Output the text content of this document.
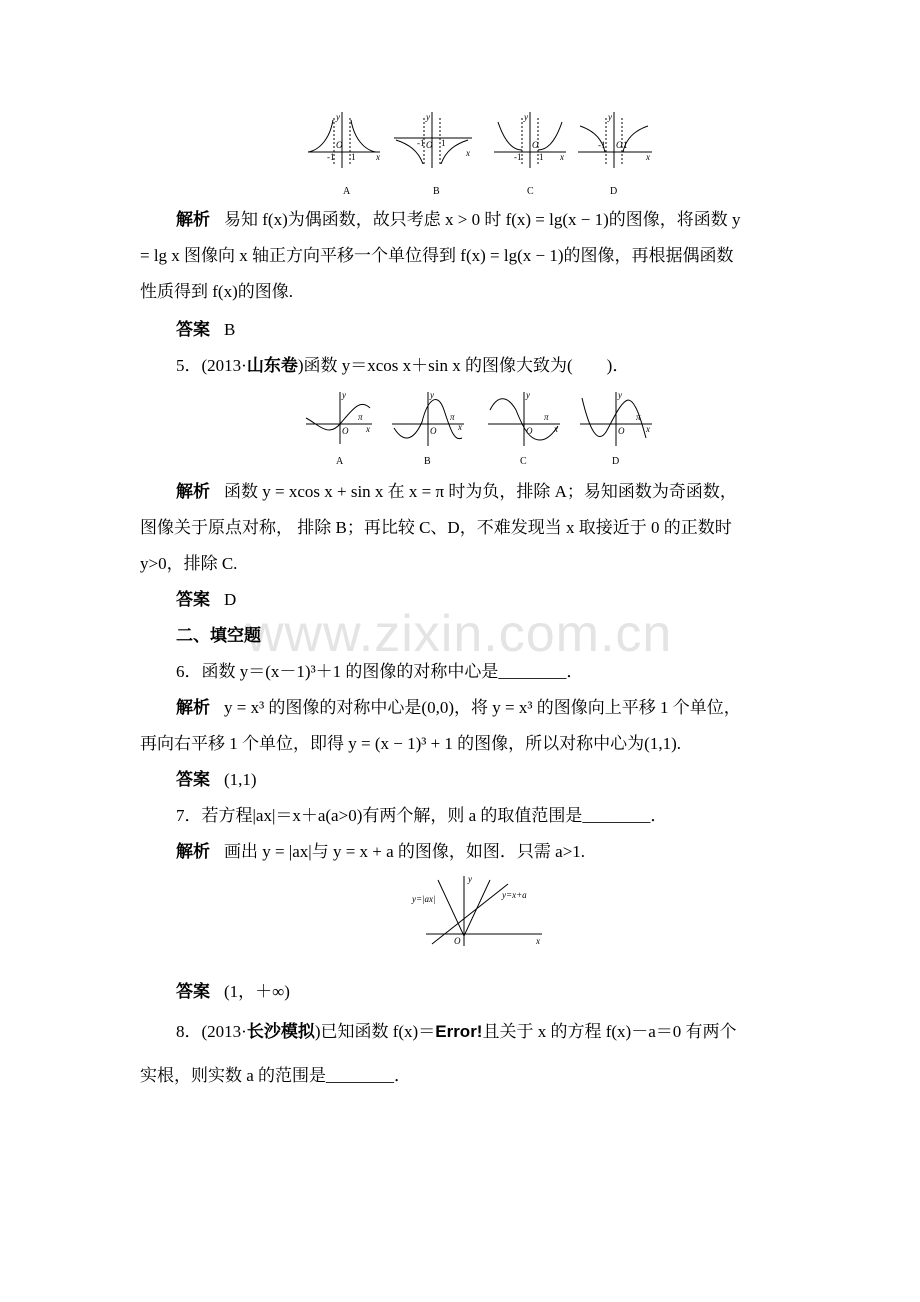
y
x
O
y
x
O
y
x
O
y
x
O
-1 1
-1 1
-1 1
-1 1
A	B	C	D
解析 易知 f(x)为偶函数，故只考虑 x > 0 时 f(x) = lg(x − 1)的图像，将函数 y
= lg x 图像向 x 轴正方向平移一个单位得到 f(x) = lg(x − 1)的图像，再根据偶函数
性质得到 f(x)的图像.
答案 B
5．(2013·山东卷)函数 y＝xcos x＋sin x 的图像大致为(　　)．
y
x
O
π
y
x
O
π
y
x
O
π
y
x
O
π
A	B	C	D
解析 函数 y = xcos x + sin x 在 x = π 时为负，排除 A；易知函数为奇函数，
图像关于原点对称， 排除 B；再比较 C、D，不难发现当 x 取接近于 0 的正数时
y>0，排除 C.
答案 D
www.zixin.com.cn
二、填空题
6．函数 y＝(x－1)³＋1 的图像的对称中心是________．
解析 y = x³ 的图像的对称中心是(0,0)，将 y = x³ 的图像向上平移 1 个单位，
再向右平移 1 个单位，即得 y = (x − 1)³ + 1 的图像，所以对称中心为(1,1).
答案 (1,1)
7．若方程|ax|＝x＋a(a>0)有两个解，则 a 的取值范围是________．
解析 画出 y = |ax|与 y = x + a 的图像，如图．只需 a>1.
y
x
O
y=|ax|	y=x+a
答案 (1，＋∞)
8．(2013·长沙模拟)已知函数 f(x)＝Error!且关于 x 的方程 f(x)－a＝0 有两个
实根，则实数 a 的范围是________．
